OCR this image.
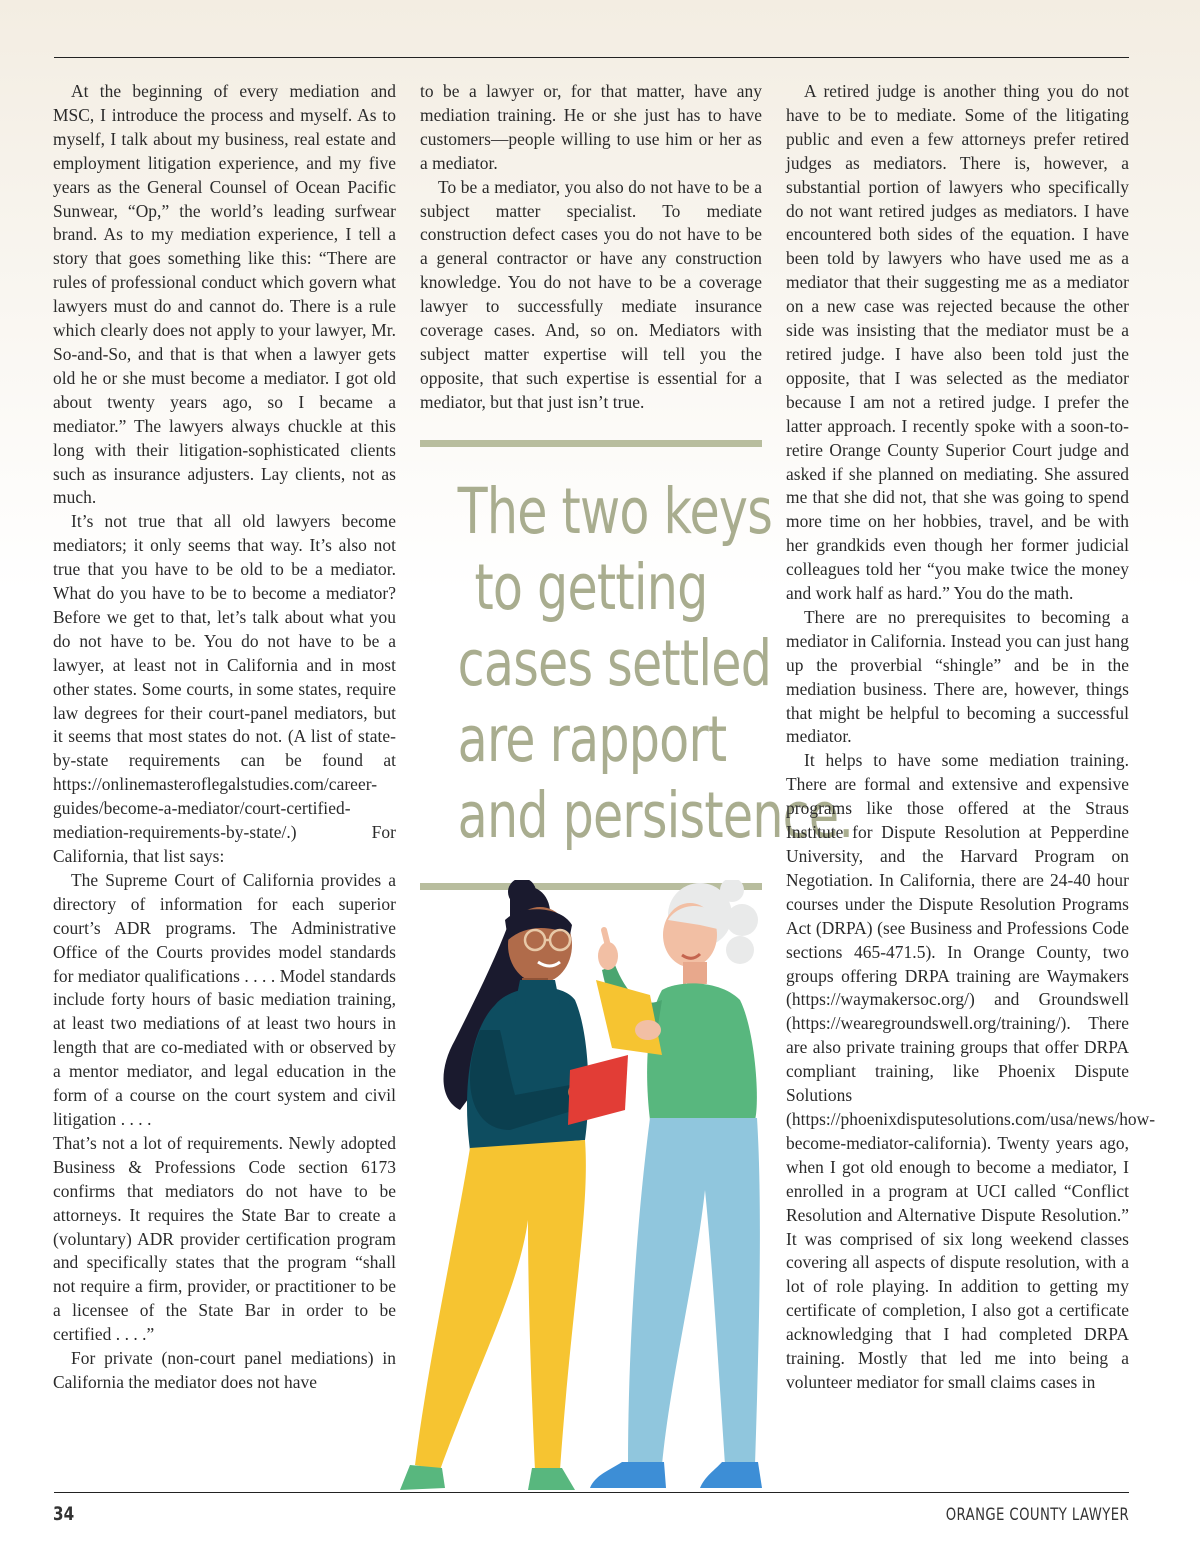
At the beginning of every mediation and MSC, I introduce the process and myself. As to myself, I talk about my business, real estate and employment litigation experience, and my five years as the General Counsel of Ocean Pacific Sunwear, “Op,” the world’s leading surfwear brand. As to my mediation experience, I tell a story that goes something like this: “There are rules of professional conduct which govern what lawyers must do and cannot do. There is a rule which clearly does not apply to your lawyer, Mr. So-and-So, and that is that when a lawyer gets old he or she must become a mediator. I got old about twenty years ago, so I became a mediator.” The lawyers always chuckle at this long with their litigation-sophisticated clients such as insurance adjusters. Lay clients, not as much.

It’s not true that all old lawyers become mediators; it only seems that way. It’s also not true that you have to be old to be a mediator. What do you have to be to become a mediator? Before we get to that, let’s talk about what you do not have to be. You do not have to be a lawyer, at least not in California and in most other states. Some courts, in some states, require law degrees for their court-panel mediators, but it seems that most states do not. (A list of state-by-state requirements can be found at https://onlinemasteroflegalstudies.com/career-guides/become-a-mediator/court-certified-mediation-requirements-by-state/.) For California, that list says:

The Supreme Court of California provides a directory of information for each superior court’s ADR programs. The Administrative Office of the Courts provides model standards for mediator qualifications . . . . Model standards include forty hours of basic mediation training, at least two mediations of at least two hours in length that are co-mediated with or observed by a mentor mediator, and legal education in the form of a course on the court system and civil litigation . . . .

That’s not a lot of requirements. Newly adopted Business & Professions Code section 6173 confirms that mediators do not have to be attorneys. It requires the State Bar to create a (voluntary) ADR provider certification program and specifically states that the program “shall not require a firm, provider, or practitioner to be a licensee of the State Bar in order to be certified . . . .”

For private (non-court panel mediations) in California the mediator does not have

to be a lawyer or, for that matter, have any mediation training. He or she just has to have customers—people willing to use him or her as a mediator.

To be a mediator, you also do not have to be a subject matter specialist. To mediate construction defect cases you do not have to be a general contractor or have any construction knowledge. You do not have to be a coverage lawyer to successfully mediate insurance coverage cases. And, so on. Mediators with subject matter expertise will tell you the opposite, that such expertise is essential for a mediator, but that just isn’t true.

The two keys
to getting
cases settled
are rapport
and persistence.

A retired judge is another thing you do not have to be to mediate. Some of the litigating public and even a few attorneys prefer retired judges as mediators. There is, however, a substantial portion of lawyers who specifically do not want retired judges as mediators. I have encountered both sides of the equation. I have been told by lawyers who have used me as a mediator that their suggesting me as a mediator on a new case was rejected because the other side was insisting that the mediator must be a retired judge. I have also been told just the opposite, that I was selected as the mediator because I am not a retired judge. I prefer the latter approach. I recently spoke with a soon-to-retire Orange County Superior Court judge and asked if she planned on mediating. She assured me that she did not, that she was going to spend more time on her hobbies, travel, and be with her grandkids even though her former judicial colleagues told her “you make twice the money and work half as hard.” You do the math.

There are no prerequisites to becoming a mediator in California. Instead you can just hang up the proverbial “shingle” and be in the mediation business. There are, however, things that might be helpful to becoming a successful mediator.

It helps to have some mediation training. There are formal and extensive and expensive programs like those offered at the Straus Institute for Dispute Resolution at Pepperdine University, and the Harvard Program on Negotiation. In California, there are 24-40 hour courses under the Dispute Resolution Programs Act (DRPA) (see Business and Professions Code sections 465-471.5). In Orange County, two groups offering DRPA training are Waymakers (https://waymakersoc.org/) and Groundswell (https://wearegroundswell.org/training/). There are also private training groups that offer DRPA compliant training, like Phoenix Dispute Solutions (https://phoenixdisputesolutions.com/usa/news/how-become-mediator-california). Twenty years ago, when I got old enough to become a mediator, I enrolled in a program at UCI called “Conflict Resolution and Alternative Dispute Resolution.” It was comprised of six long weekend classes covering all aspects of dispute resolution, with a lot of role playing. In addition to getting my certificate of completion, I also got a certificate acknowledging that I had completed DRPA training. Mostly that led me into being a volunteer mediator for small claims cases in

34	ORANGE COUNTY LAWYER
